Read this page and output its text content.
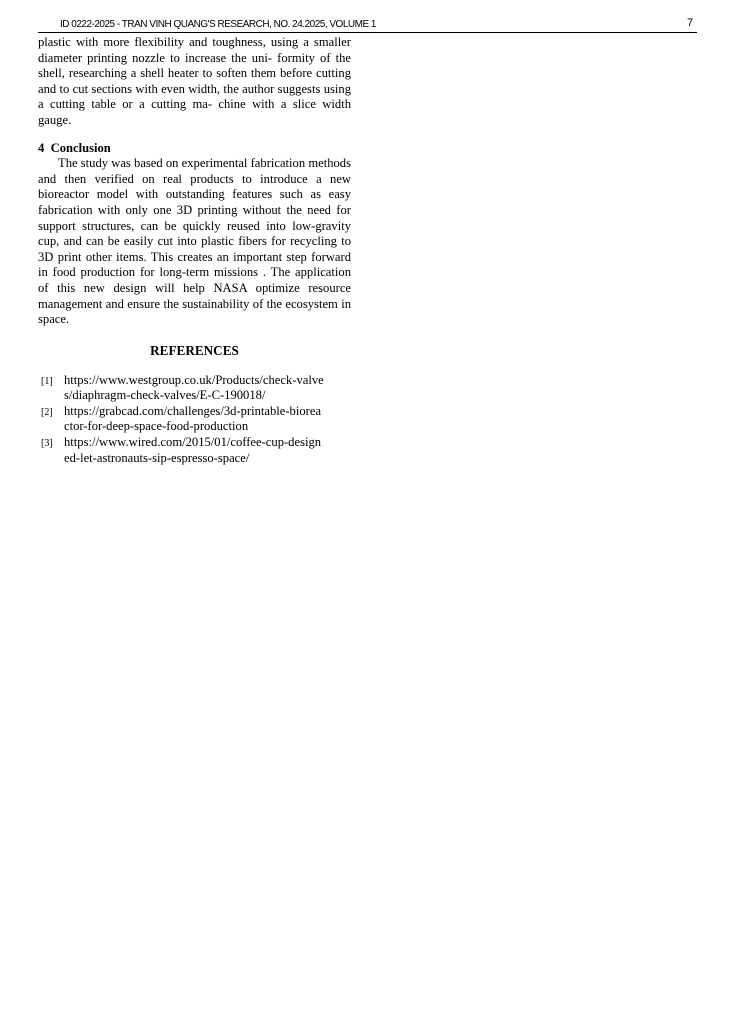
ID 0222-2025 - TRAN VINH QUANG'S RESEARCH, NO. 24.2025, VOLUME 1	7

plastic with more flexibility and toughness, using a smaller diameter printing nozzle to increase the uni- formity of the shell, researching a shell heater to soften them before cutting and to cut sections with even width, the author suggests using a cutting table or a cutting ma- chine with a slice width gauge.

4 Conclusion

The study was based on experimental fabrication methods and then verified on real products to introduce a new bioreactor model with outstanding features such as easy fabrication with only one 3D printing without the need for support structures, can be quickly reused into low-gravity cup, and can be easily cut into plastic fibers for recycling to 3D print other items. This creates an important step forward in food production for long-term missions . The application of this new design will help NASA optimize resource management and ensure the sustainability of the ecosystem in space.

REFERENCES
[1] https://www.westgroup.co.uk/Products/check-valves/diaphragm-check-valves/E-C-190018/
[2] https://grabcad.com/challenges/3d-printable-bioreactor-for-deep-space-food-production
[3] https://www.wired.com/2015/01/coffee-cup-designed-let-astronauts-sip-espresso-space/
